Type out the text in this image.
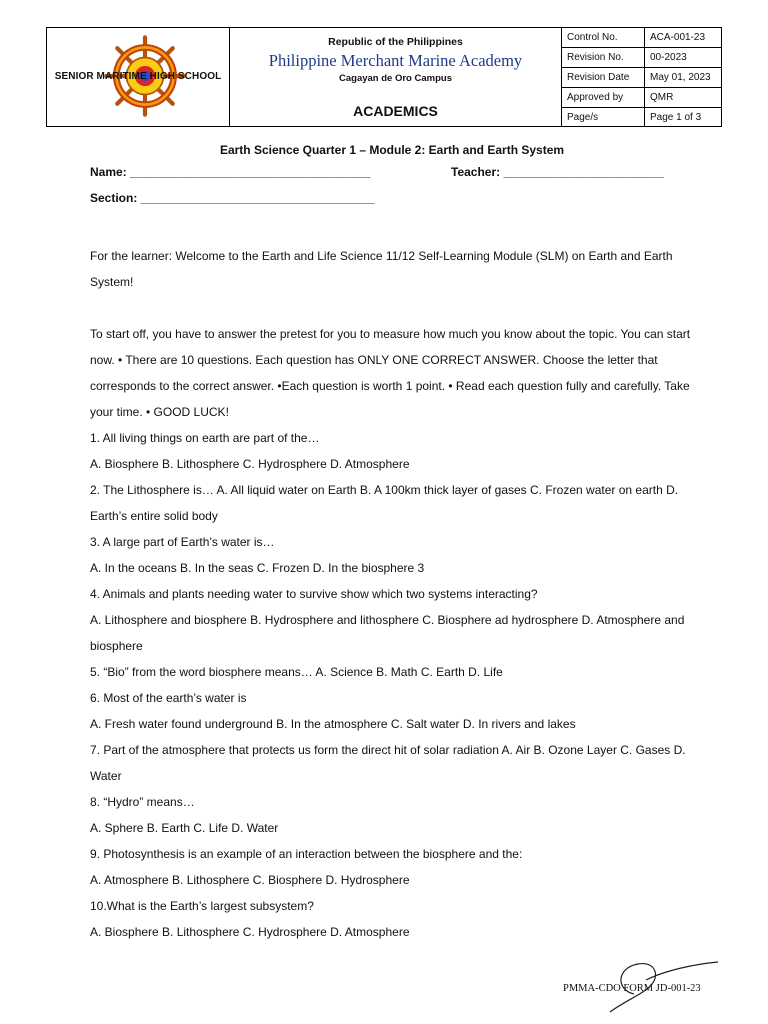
SENIOR MARITIME HIGH SCHOOL
Republic of the Philippines
Philippine Merchant Marine Academy
Cagayan de Oro Campus
ACADEMICS
Control No.	ACA-001-23
Revision No.	00-2023
Revision Date	May 01, 2023
Approved by	QMR
Page/s	Page 1 of 3
Earth Science Quarter 1 – Module 2: Earth and Earth System
Name: ____________________________________	Teacher: ________________________
Section: ___________________________________

For the learner: Welcome to the Earth and Life Science 11/12 Self-Learning Module (SLM) on Earth and Earth System!

To start off, you have to answer the pretest for you to measure how much you know about the topic. You can start now. • There are 10 questions. Each question has ONLY ONE CORRECT ANSWER. Choose the letter that corresponds to the correct answer. •Each question is worth 1 point. • Read each question fully and carefully. Take your time. • GOOD LUCK!

1. All living things on earth are part of the…

A. Biosphere B. Lithosphere C. Hydrosphere D. Atmosphere

2. The Lithosphere is… A. All liquid water on Earth B. A 100km thick layer of gases C. Frozen water on earth D. Earth’s entire solid body

3. A large part of Earth’s water is…

A. In the oceans B. In the seas C. Frozen D. In the biosphere 3

4. Animals and plants needing water to survive show which two systems interacting?

A. Lithosphere and biosphere B. Hydrosphere and lithosphere C. Biosphere ad hydrosphere D. Atmosphere and biosphere

5. “Bio” from the word biosphere means… A. Science B. Math C. Earth D. Life

6. Most of the earth’s water is

A. Fresh water found underground B. In the atmosphere C. Salt water D. In rivers and lakes

7. Part of the atmosphere that protects us form the direct hit of solar radiation A. Air B. Ozone Layer C. Gases D. Water

8. “Hydro” means…

A. Sphere B. Earth C. Life D. Water

9. Photosynthesis is an example of an interaction between the biosphere and the:

A. Atmosphere B. Lithosphere C. Biosphere D. Hydrosphere

10.What is the Earth’s largest subsystem?

A. Biosphere B. Lithosphere C. Hydrosphere D. Atmosphere

PMMA-CDO FORM JD-001-23
